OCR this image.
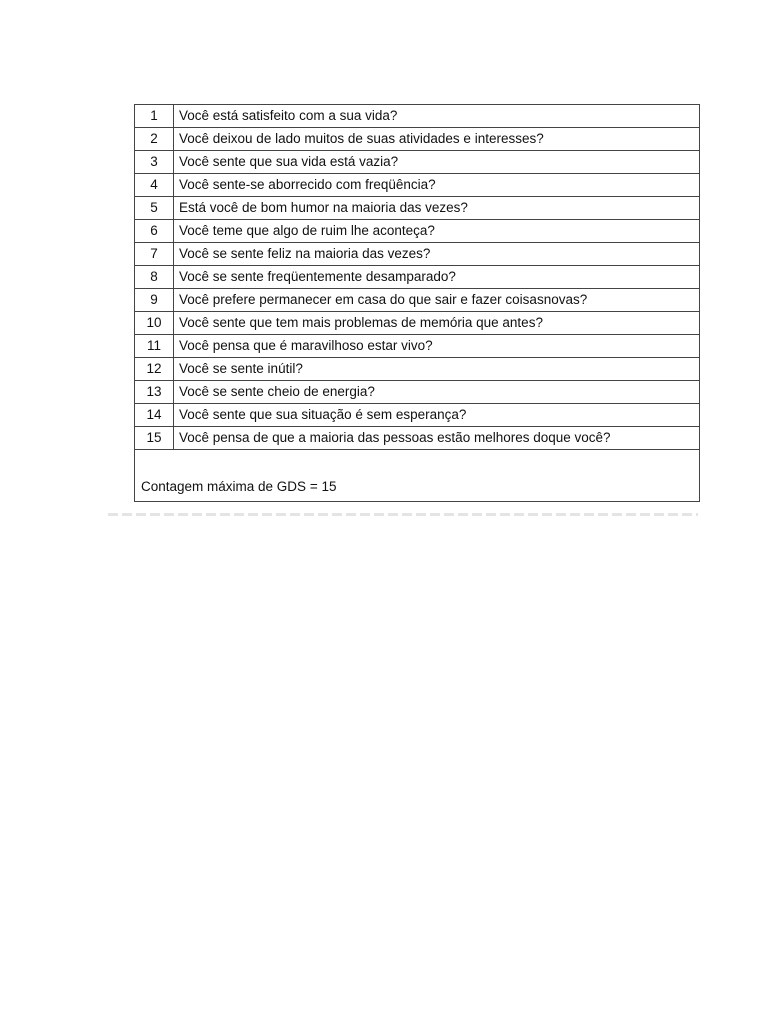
1	Você está satisfeito com a sua vida?
2	Você deixou de lado muitos de suas atividades e interesses?
3	Você sente que sua vida está vazia?
4	Você sente-se aborrecido com freqüência?
5	Está você de bom humor na maioria das vezes?
6	Você teme que algo de ruim lhe aconteça?
7	Você se sente feliz na maioria das vezes?
8	Você se sente freqüentemente desamparado?
9	Você prefere permanecer em casa do que sair e fazer coisasnovas?
10	Você sente que tem mais problemas de memória que antes?
11	Você pensa que é maravilhoso estar vivo?
12	Você se sente inútil?
13	Você se sente cheio de energia?
14	Você sente que sua situação é sem esperança?
15	Você pensa de que a maioria das pessoas estão melhores doque você?
Contagem máxima de GDS = 15	
